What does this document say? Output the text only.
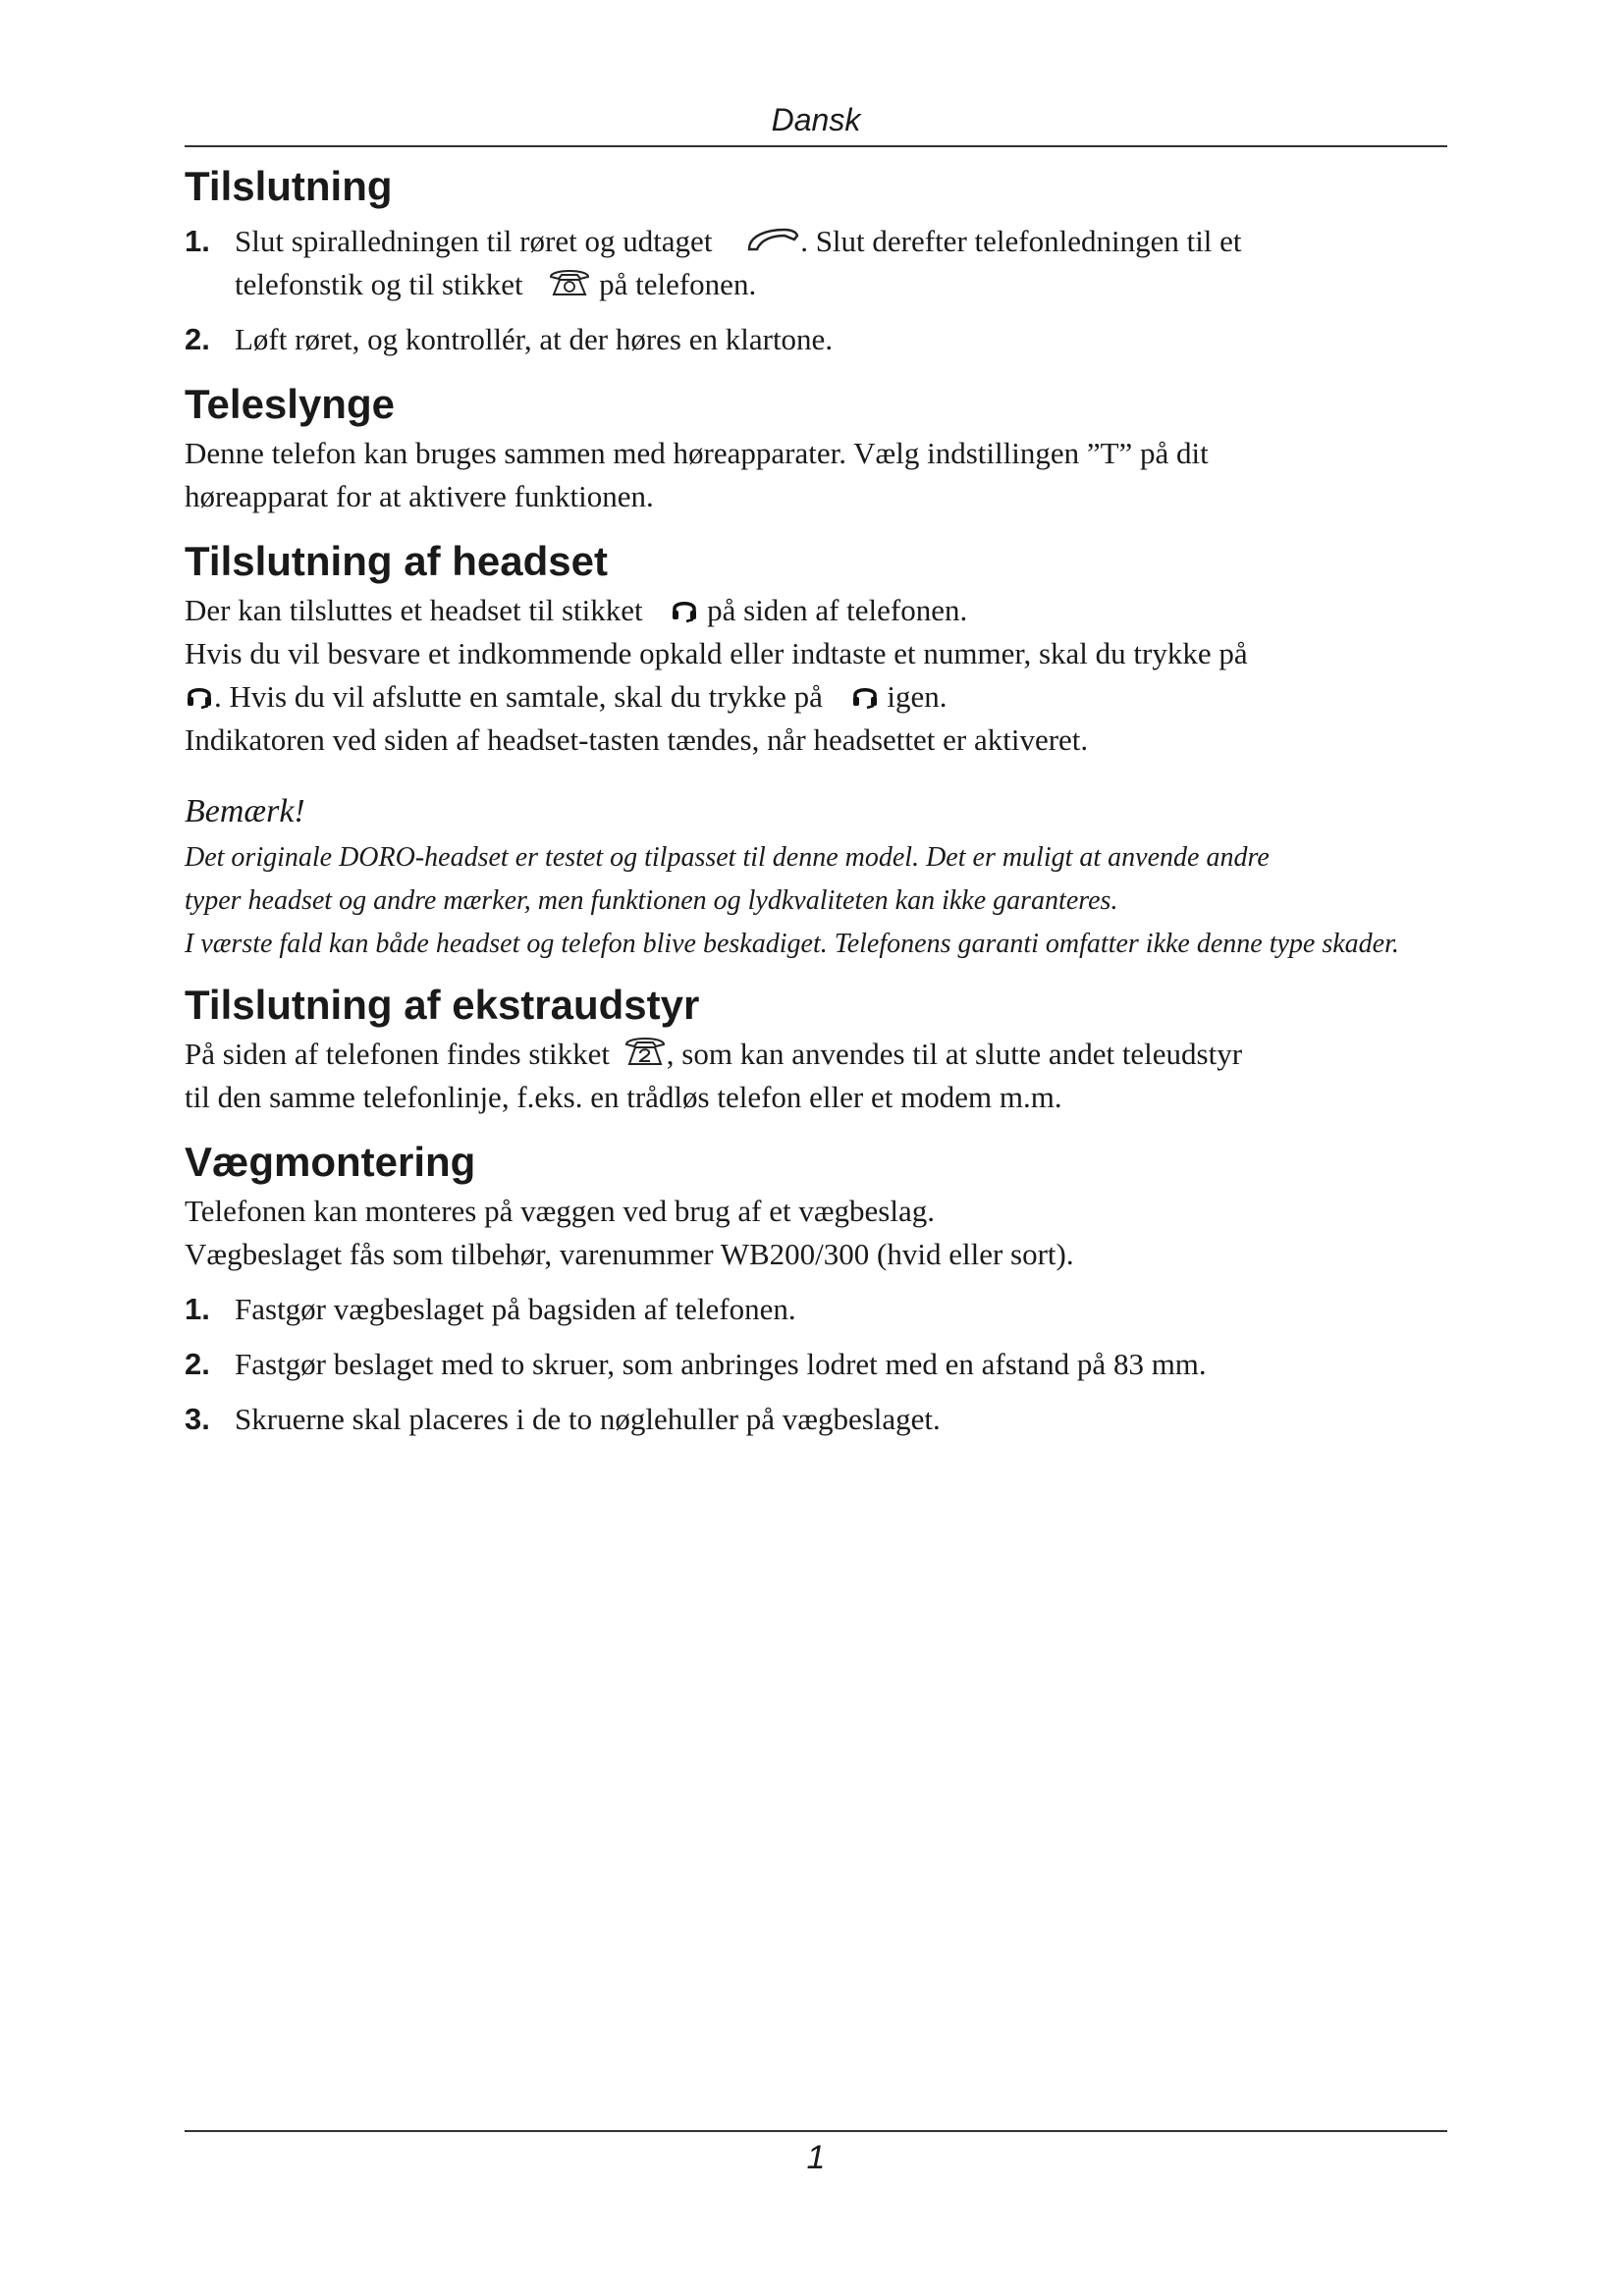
Dansk
Tilslutning
1. Slut spiralledningen til røret og udtaget	. Slut derefter telefonledningen til et
telefonstik og til stikket  på telefonen.
2. Løft røret, og kontrollér, at der høres en klartone.
Teleslynge

Denne telefon kan bruges sammen med høreapparater. Vælg indstillingen ”T” på dit

høreapparat for at aktivere funktionen.

Tilslutning af headset

Der kan tilsluttes et headset til stikket  på siden af telefonen.

Hvis du vil besvare et indkommende opkald eller indtaste et nummer, skal du trykke på

. Hvis du vil afslutte en samtale, skal du trykke på  igen.

Indikatoren ved siden af headset-tasten tændes, når headsettet er aktiveret.

Bemærk!

Det originale DORO-headset er testet og tilpasset til denne model. Det er muligt at anvende andre

typer headset og andre mærker, men funktionen og lydkvaliteten kan ikke garanteres.

I værste fald kan både headset og telefon blive beskadiget. Telefonens garanti omfatter ikke denne type skader.

Tilslutning af ekstraudstyr

På siden af telefonen findes stikket , som kan anvendes til at slutte andet teleudstyr

til den samme telefonlinje, f.eks. en trådløs telefon eller et modem m.m.

Vægmontering

Telefonen kan monteres på væggen ved brug af et vægbeslag.

Vægbeslaget fås som tilbehør, varenummer WB200/300 (hvid eller sort).

1. Fastgør vægbeslaget på bagsiden af telefonen.
2. Fastgør beslaget med to skruer, som anbringes lodret med en afstand på 83 mm.
3. Skruerne skal placeres i de to nøglehuller på vægbeslaget.
1
